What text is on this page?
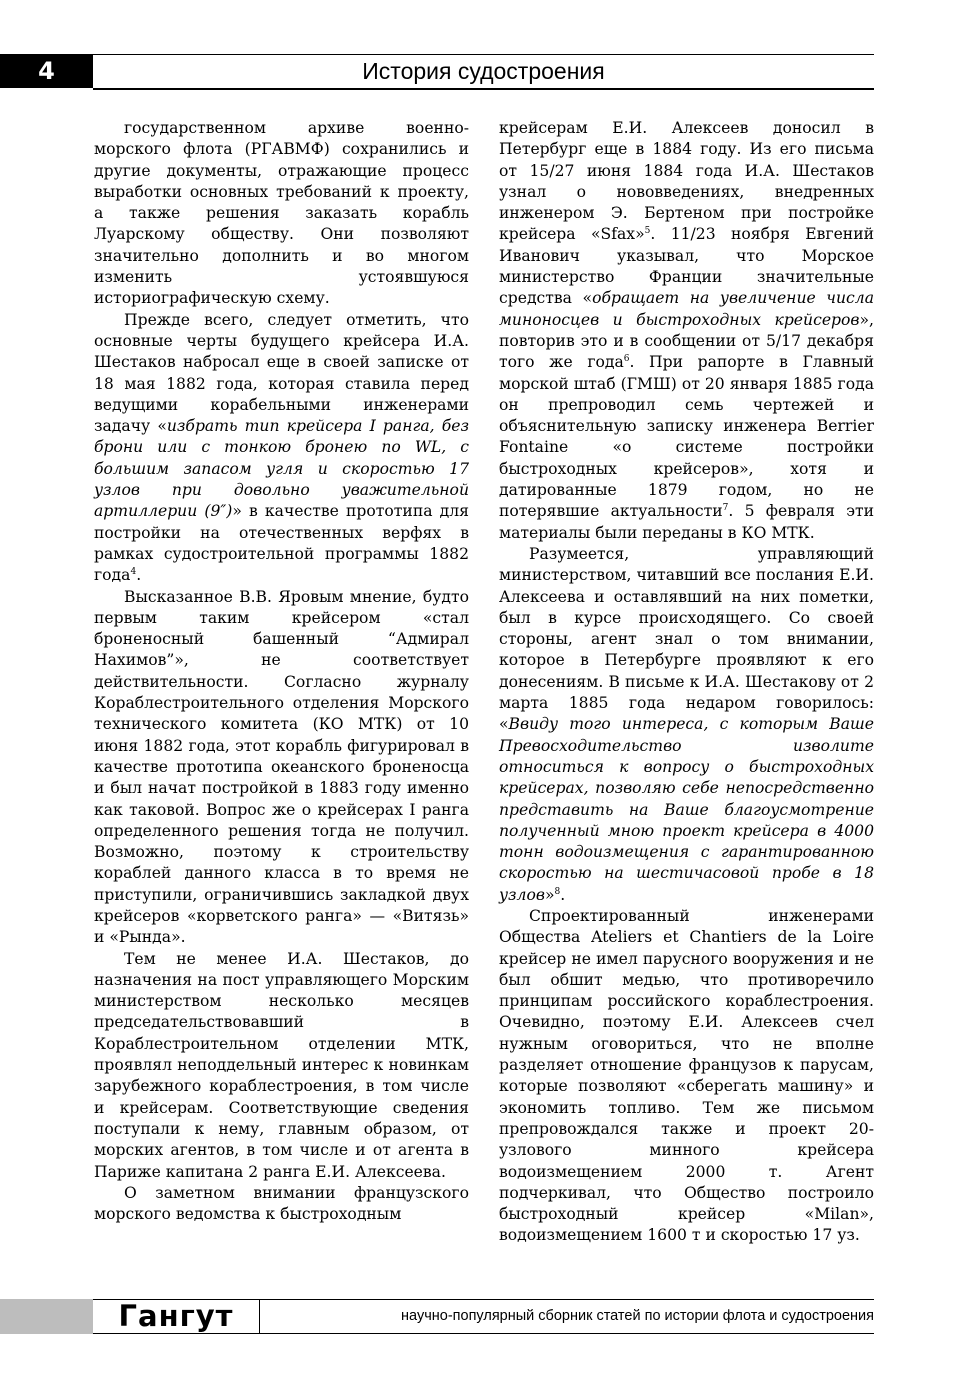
4	История судостроения

государственном архиве военно-морского флота (РГАВМФ) сохранились и другие документы, отражающие процесс выработки основных требований к проекту, а также решения заказать корабль Луарскому обществу. Они позволяют значительно дополнить и во многом изменить устоявшуюся историографическую схему.

Прежде всего, следует отметить, что основные черты будущего крейсера И.А. Шестаков набросал еще в своей записке от 18 мая 1882 года, которая ставила перед ведущими корабельными инженерами задачу «избрать тип крейсера I ранга, без брони или с тонкою бронею по WL, с большим запасом угля и скоростью 17 узлов при довольно уважительной артиллерии (9″)» в качестве прототипа для постройки на отечественных верфях в рамках судостроительной программы 1882 года$^4$.

Высказанное В.В. Яровым мнение, будто первым таким крейсером «стал броненосный башенный “Адмирал Нахимов”», не соответствует действительности. Согласно журналу Кораблестроительного отделения Морского технического комитета (КО МТК) от 10 июня 1882 года, этот корабль фигурировал в качестве прототипа океанского броненосца и был начат постройкой в 1883 году именно как таковой. Вопрос же о крейсерах I ранга определенного решения тогда не получил. Возможно, поэтому к строительству кораблей данного класса в то время не приступили, ограничившись закладкой двух крейсеров «корветского ранга» — «Витязь» и «Рында».

Тем не менее И.А. Шестаков, до назначения на пост управляющего Морским министерством несколько месяцев председательствовавший в Кораблестроительном отделении МТК, проявлял неподдельный интерес к новинкам зарубежного кораблестроения, в том числе и крейсерам. Соответствующие сведения поступали к нему, главным образом, от морских агентов, в том числе и от агента в Париже капитана 2 ранга Е.И. Алексеева.

О заметном внимании французского морского ведомства к быстроходным

крейсерам Е.И. Алексеев доносил в Петербург еще в 1884 году. Из его письма от 15/27 июня 1884 года И.А. Шестаков узнал о нововведениях, внедренных инженером Э. Бертеном при постройке крейсера «Sfax»$^5$. 11/23 ноября Евгений Иванович указывал, что Морское министерство Франции значительные средства «обращает на увеличение числа миноносцев и быстроходных крейсеров», повторив это и в сообщении от 5/17 декабря того же года$^6$. При рапорте в Главный морской штаб (ГМШ) от 20 января 1885 года он препроводил семь чертежей и объяснительную записку инженера Berrier Fontaine «о системе постройки быстроходных крейсеров», хотя и датированные 1879 годом, но не потерявшие актуальности$^7$. 5 февраля эти материалы были переданы в КО МТК.

Разумеется, управляющий министерством, читавший все послания Е.И. Алексеева и оставлявший на них пометки, был в курсе происходящего. Со своей стороны, агент знал о том внимании, которое в Петербурге проявляют к его донесениям. В письме к И.А. Шестакову от 2 марта 1885 года недаром говорилось: «Ввиду того интереса, с которым Ваше Превосходительство изволите относиться к вопросу о быстроходных крейсерах, позволяю себе непосредственно представить на Ваше благоусмотрение полученный мною проект крейсера в 4000 тонн водоизмещения с гарантированною скоростью на шестичасовой пробе в 18 узлов»$^8$.

Спроектированный инженерами Общества Ateliers et Chantiers de la Loire крейсер не имел парусного вооружения и не был обшит медью, что противоречило принципам российского кораблестроения. Очевидно, поэтому Е.И. Алексеев счел нужным оговориться, что не вполне разделяет отношение французов к парусам, которые позволяют «сберегать машину» и экономить топливо. Тем же письмом препровождался также и проект 20-узлового минного крейсера водоизмещением 2000 т. Агент подчеркивал, что Общество построило быстроходный крейсер «Milan», водоизмещением 1600 т и скоростью 17 уз.

Гангут	научно-популярный сборник статей по истории флота и судостроения
